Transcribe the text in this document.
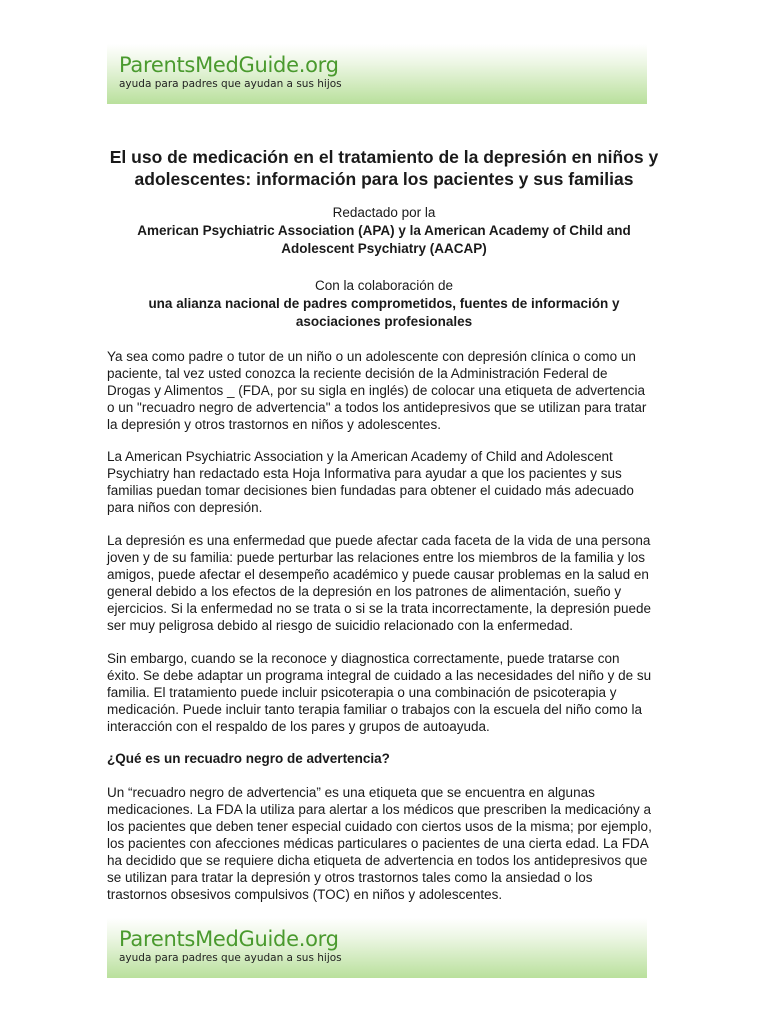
ParentsMedGuide.org
ayuda para padres que ayudan a sus hijos
El uso de medicación en el tratamiento de la depresión en niños y adolescentes: información para los pacientes y sus familias

Redactado por la

American Psychiatric Association (APA) y la American Academy of Child and Adolescent Psychiatry (AACAP)

Con la colaboración de

una alianza nacional de padres comprometidos, fuentes de información y asociaciones profesionales

Ya sea como padre o tutor de un niño o un adolescente con depresión clínica o como un paciente, tal vez usted conozca la reciente decisión de la Administración Federal de Drogas y Alimentos _ (FDA, por su sigla en inglés) de colocar una etiqueta de advertencia o un "recuadro negro de advertencia" a todos los antidepresivos que se utilizan para tratar la depresión y otros trastornos en niños y adolescentes.

La American Psychiatric Association y la American Academy of Child and Adolescent Psychiatry han redactado esta Hoja Informativa para ayudar a que los pacientes y sus familias puedan tomar decisiones bien fundadas para obtener el cuidado más adecuado para niños con depresión.

La depresión es una enfermedad que puede afectar cada faceta de la vida de una persona joven y de su familia: puede perturbar las relaciones entre los miembros de la familia y los amigos, puede afectar el desempeño académico y puede causar problemas en la salud en general debido a los efectos de la depresión en los patrones de alimentación, sueño y ejercicios. Si la enfermedad no se trata o si se la trata incorrectamente, la depresión puede ser muy peligrosa debido al riesgo de suicidio relacionado con la enfermedad.

Sin embargo, cuando se la reconoce y diagnostica correctamente, puede tratarse con éxito. Se debe adaptar un programa integral de cuidado a las necesidades del niño y de su familia. El tratamiento puede incluir psicoterapia o una combinación de psicoterapia y medicación. Puede incluir tanto terapia familiar o trabajos con la escuela del niño como la interacción con el respaldo de los pares y grupos de autoayuda.

¿Qué es un recuadro negro de advertencia?

Un “recuadro negro de advertencia” es una etiqueta que se encuentra en algunas medicaciones. La FDA la utiliza para alertar a los médicos que prescriben la medicacióny a los pacientes que deben tener especial cuidado con ciertos usos de la misma; por ejemplo, los pacientes con afecciones médicas particulares o pacientes de una cierta edad. La FDA ha decidido que se requiere dicha etiqueta de advertencia en todos los antidepresivos que se utilizan para tratar la depresión y otros trastornos tales como la ansiedad o los trastornos obsesivos compulsivos (TOC) en niños y adolescentes.

ParentsMedGuide.org
ayuda para padres que ayudan a sus hijos
